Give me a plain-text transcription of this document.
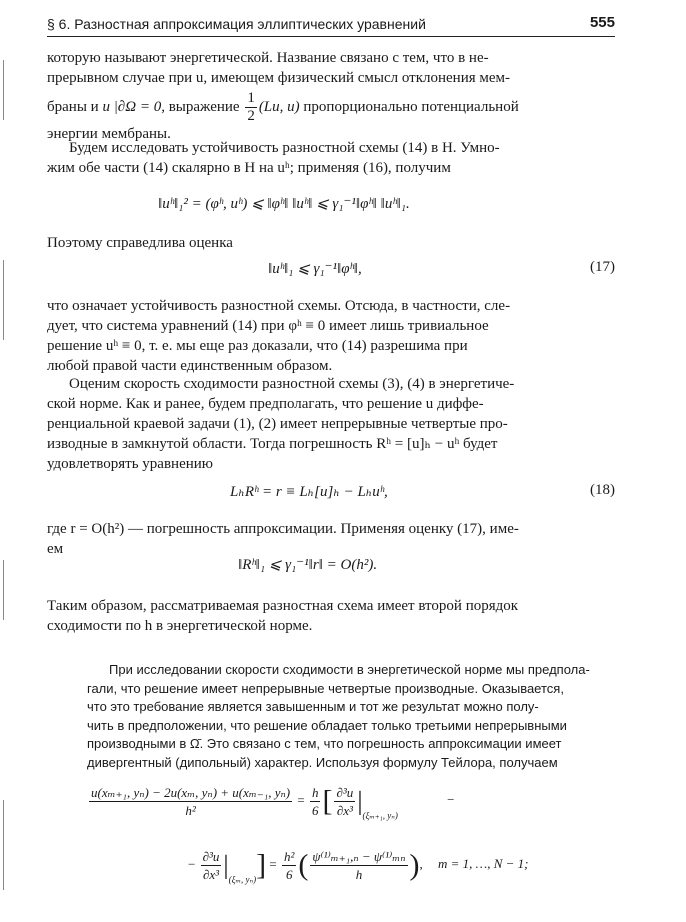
§ 6. Разностная аппроксимация эллиптических уравнений	555
которую называют энергетической. Название связано с тем, что в не-
прерывном случае при u, имеющем физический смысл отклонения мем-
браны и u |∂Ω = 0, выражение $\frac{1}{2} (Lu$, u) пропорционально потенциальной
энергии мембраны.
Будем исследовать устойчивость разностной схемы (14) в H. Умно-
жим обе части (14) скалярно в H на uʰ; применяя (16), получим
‖uʰ‖₁² = (φʰ, uʰ) ⩽ ‖φʰ‖ ‖uʰ‖ ⩽ γ₁⁻¹‖φʰ‖ ‖uʰ‖₁.
Поэтому справедлива оценка
‖uʰ‖₁ ⩽ γ₁⁻¹‖φʰ‖,	(17)
что означает устойчивость разностной схемы. Отсюда, в частности, сле-
дует, что система уравнений (14) при φʰ ≡ 0 имеет лишь тривиальное
решение uʰ ≡ 0, т. е. мы еще раз доказали, что (14) разрешима при
любой правой части единственным образом.
Оценим скорость сходимости разностной схемы (3), (4) в энергетиче-
ской норме. Как и ранее, будем предполагать, что решение u диффе-
ренциальной краевой задачи (1), (2) имеет непрерывные четвертые про-
изводные в замкнутой области. Тогда погрешность Rʰ = [u]ₕ − uʰ будет
удовлетворять уравнению
LₕRʰ = r ≡ Lₕ[u]ₕ − Lₕuʰ,	(18)
где r = O(h²) — погрешность аппроксимации. Применяя оценку (17), име-
ем
‖Rʰ‖₁ ⩽ γ₁⁻¹‖r‖ = O(h²).
Таким образом, рассматриваемая разностная схема имеет второй порядок
сходимости по h в энергетической норме.
При исследовании скорости сходимости в энергетической норме мы предпола-
гали, что решение имеет непрерывные четвертые производные. Оказывается,
что это требование является завышенным и тот же результат можно полу-
чить в предположении, что решение обладает только третьими непрерывными
производными в Ω̄. Это связано с тем, что погрешность аппроксимации имеет
дивергентный (дипольный) характер. Используя формулу Тейлора, получаем
$\frac{\text{u(xₘ₊₁, yₙ) − 2u(xₘ, yₙ) + u(xₘ₋₁, yₙ)}}{\text{h²}} = \frac{h}{6}$ [ $\frac{\text{∂³u}}{\text{∂x³}} |_{(\xi_{m+1}, y_n)}$ −
− $\frac{\text{∂³u}}{\text{∂x³}} |_{(\xi_m, y_n)}] = \frac{\text{h²}}{6}$ ( $\frac{\text{ψ⁽¹⁾ₘ₊₁,ₙ − ψ⁽¹⁾ₘₙ}}{h}$ ), m = 1, …, N − 1;
